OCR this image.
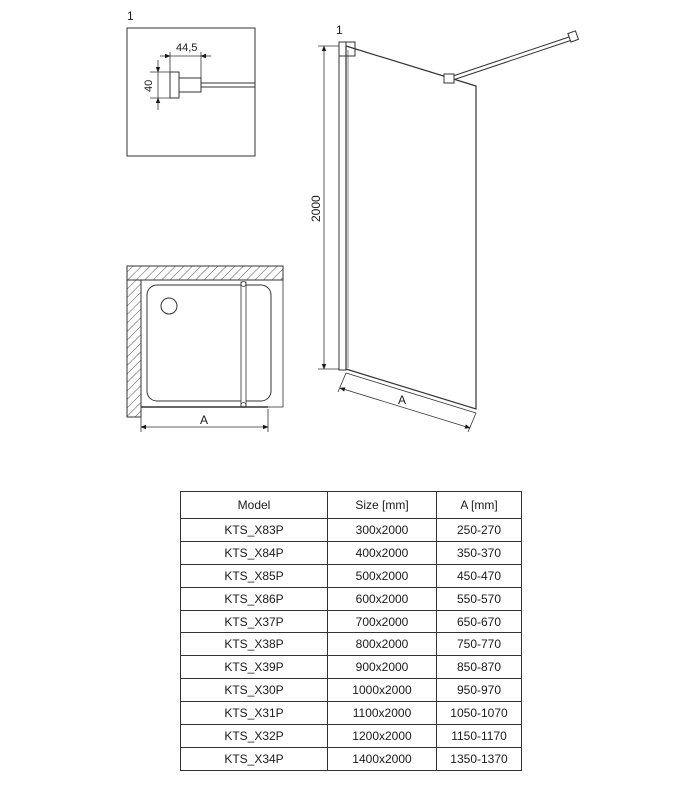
1
44,5
40
A
1
2000
A
Model	Size [mm]	A [mm]
KTS_X83P	300x2000	250-270
KTS_X84P	400x2000	350-370
KTS_X85P	500x2000	450-470
KTS_X86P	600x2000	550-570
KTS_X37P	700x2000	650-670
KTS_X38P	800x2000	750-770
KTS_X39P	900x2000	850-870
KTS_X30P	1000x2000	950-970
KTS_X31P	1100x2000	1050-1070
KTS_X32P	1200x2000	1150-1170
KTS_X34P	1400x2000	1350-1370
